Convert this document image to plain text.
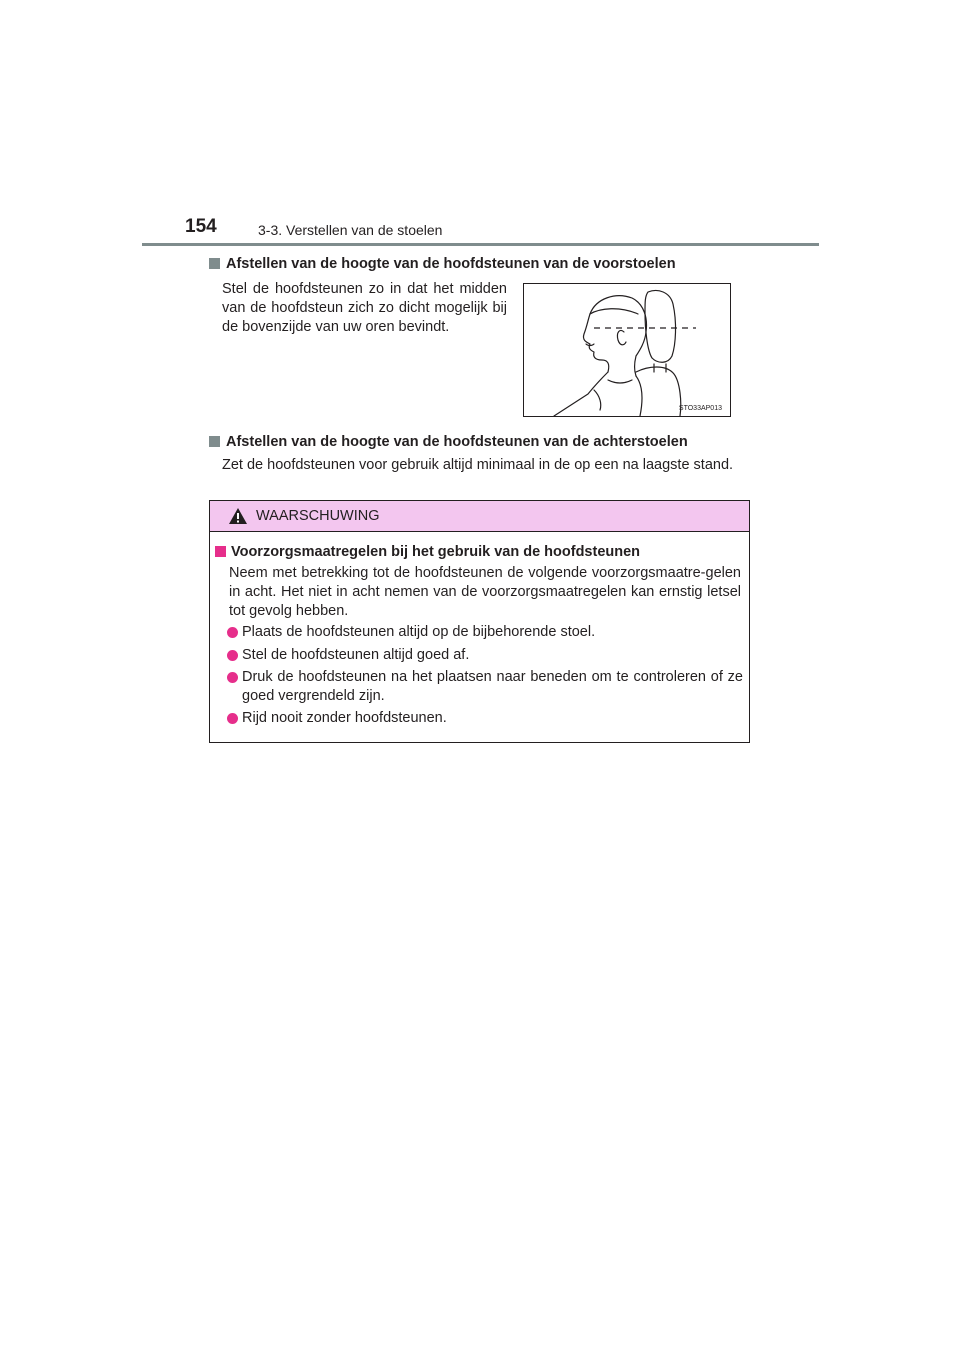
154	3-3. Verstellen van de stoelen
Afstellen van de hoogte van de hoofdsteunen van de voorstoelen
Stel de hoofdsteunen zo in dat het midden van de hoofdsteun zich zo dicht mogelijk bij de bovenzijde van uw oren bevindt.
STO33AP013
Afstellen van de hoogte van de hoofdsteunen van de achterstoelen
Zet de hoofdsteunen voor gebruik altijd minimaal in de op een na laagste stand.
WAARSCHUWING
Voorzorgsmaatregelen bij het gebruik van de hoofdsteunen
Neem met betrekking tot de hoofdsteunen de volgende voorzorgsmaatre-gelen in acht. Het niet in acht nemen van de voorzorgsmaatregelen kan ernstig letsel tot gevolg hebben.
Plaats de hoofdsteunen altijd op de bijbehorende stoel.
Stel de hoofdsteunen altijd goed af.
Druk de hoofdsteunen na het plaatsen naar beneden om te controleren of ze goed vergrendeld zijn.
Rijd nooit zonder hoofdsteunen.
